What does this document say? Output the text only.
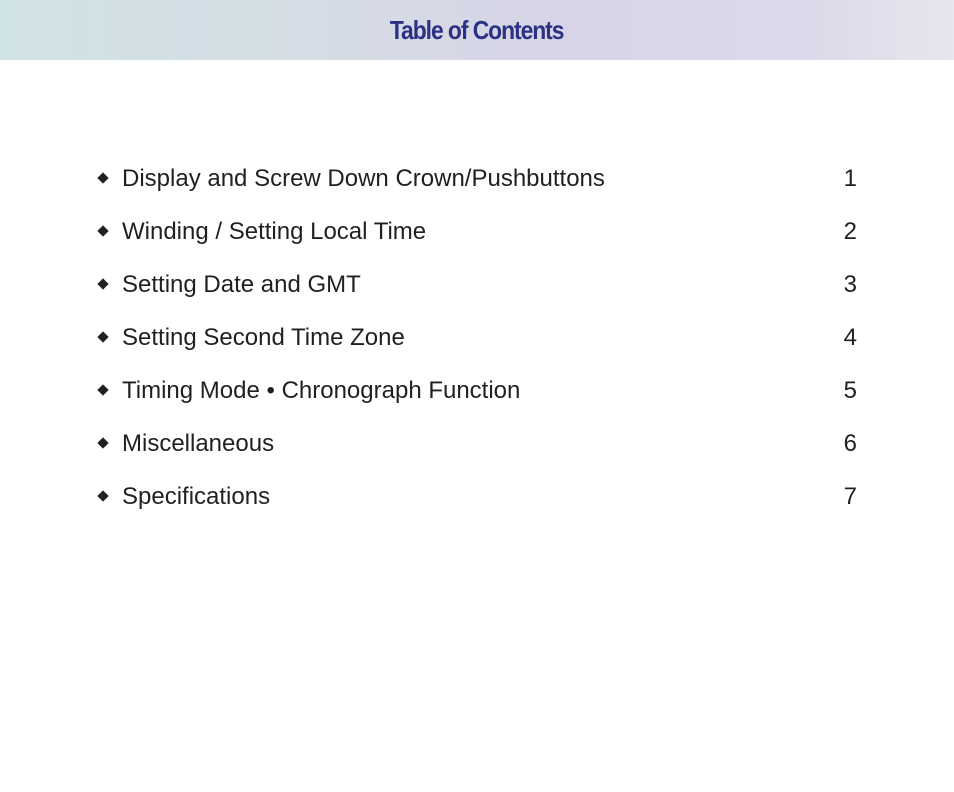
Table of Contents
Display and Screw Down Crown/Pushbuttons	1
Winding / Setting Local Time	2
Setting Date and GMT	3
Setting Second Time Zone	4
Timing Mode • Chronograph Function	5
Miscellaneous	6
Specifications	7
